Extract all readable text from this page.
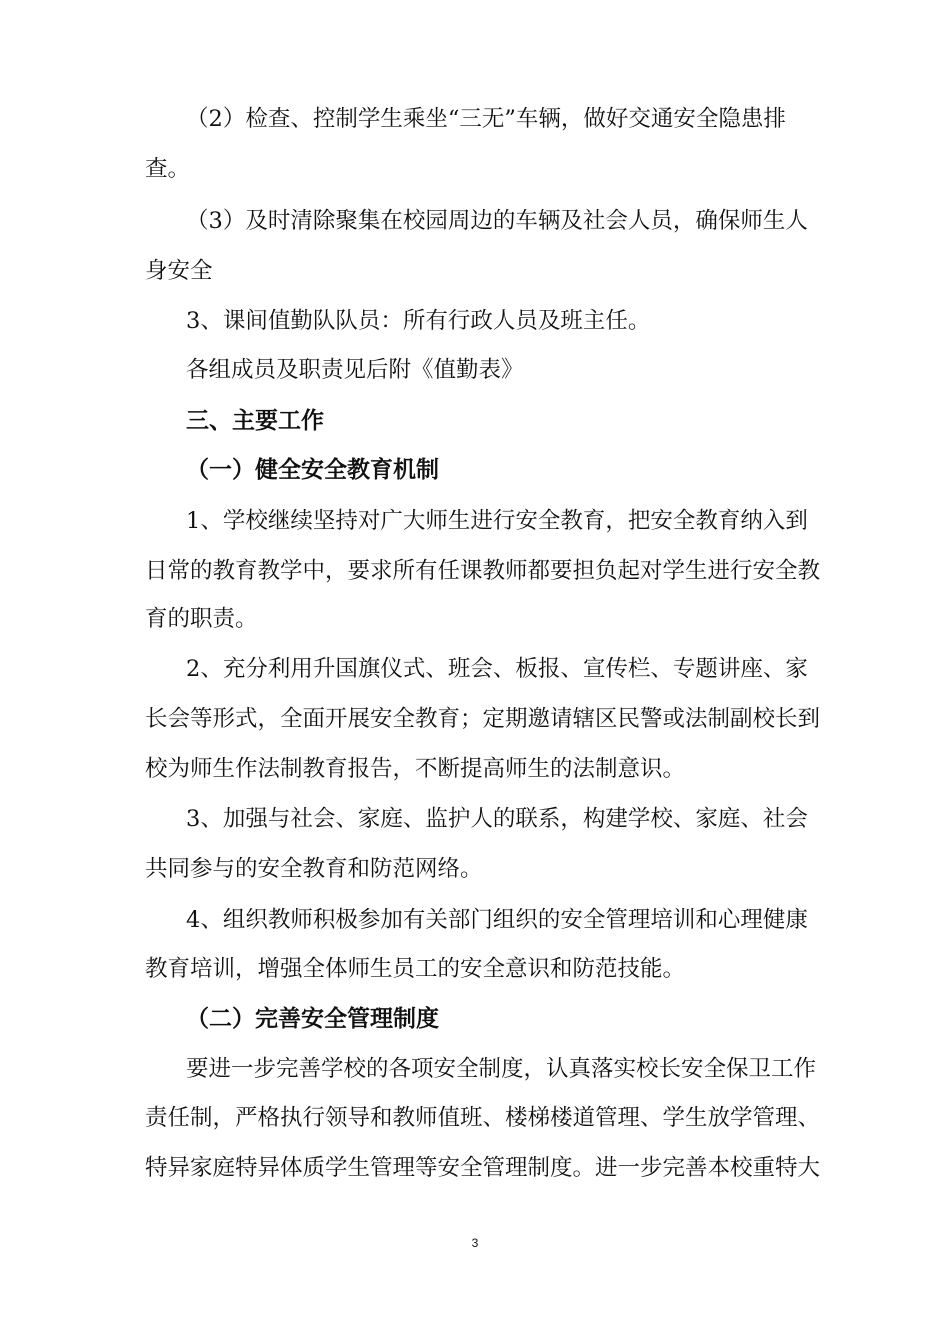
（2）检查、控制学生乘坐“三无”车辆，做好交通安全隐患排
查。
（3）及时清除聚集在校园周边的车辆及社会人员，确保师生人
身安全
3、课间值勤队队员：所有行政人员及班主任。
各组成员及职责见后附《值勤表》
三、主要工作
（一）健全安全教育机制
1、学校继续坚持对广大师生进行安全教育，把安全教育纳入到
日常的教育教学中，要求所有任课教师都要担负起对学生进行安全教
育的职责。
2、充分利用升国旗仪式、班会、板报、宣传栏、专题讲座、家
长会等形式，全面开展安全教育；定期邀请辖区民警或法制副校长到
校为师生作法制教育报告，不断提高师生的法制意识。
3、加强与社会、家庭、监护人的联系，构建学校、家庭、社会
共同参与的安全教育和防范网络。
4、组织教师积极参加有关部门组织的安全管理培训和心理健康
教育培训，增强全体师生员工的安全意识和防范技能。
（二）完善安全管理制度
要进一步完善学校的各项安全制度，认真落实校长安全保卫工作
责任制，严格执行领导和教师值班、楼梯楼道管理、学生放学管理、
特异家庭特异体质学生管理等安全管理制度。进一步完善本校重特大
3
